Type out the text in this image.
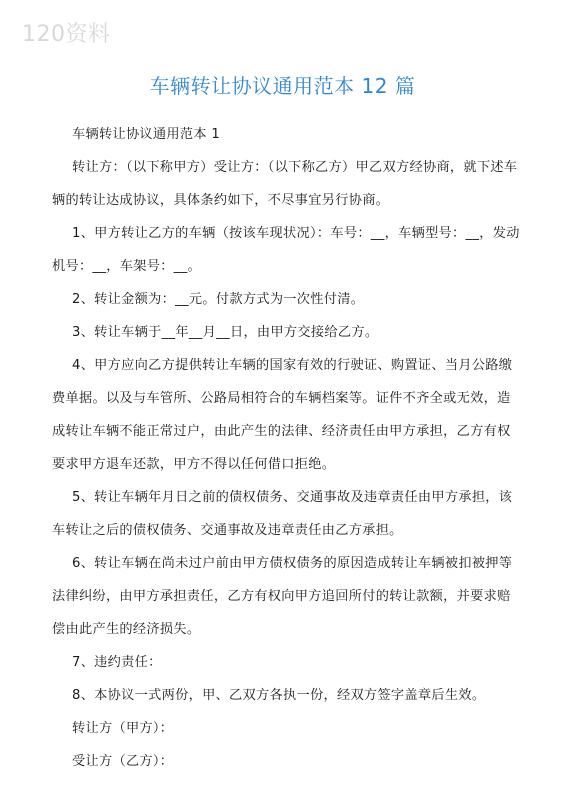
120资料
车辆转让协议通用范本 12 篇

车辆转让协议通用范本 1

转让方：（以下称甲方）受让方：（以下称乙方）甲乙双方经协商，就下述车辆的转让达成协议，具体条约如下，不尽事宜另行协商。

1、甲方转让乙方的车辆（按该车现状况）：车号：__，车辆型号：__，发动机号：__，车架号：__。

2、转让金额为：__元。付款方式为一次性付清。

3、转让车辆于__年__月__日，由甲方交接给乙方。

4、甲方应向乙方提供转让车辆的国家有效的行驶证、购置证、当月公路缴费单据。以及与车管所、公路局相符合的车辆档案等。证件不齐全或无效，造成转让车辆不能正常过户，由此产生的法律、经济责任由甲方承担，乙方有权要求甲方退车还款，甲方不得以任何借口拒绝。

5、转让车辆年月日之前的债权债务、交通事故及违章责任由甲方承担，该车转让之后的债权债务、交通事故及违章责任由乙方承担。

6、转让车辆在尚未过户前由甲方债权债务的原因造成转让车辆被扣被押等法律纠纷，由甲方承担责任，乙方有权向甲方追回所付的转让款额，并要求赔偿由此产生的经济损失。

7、违约责任：

8、本协议一式两份，甲、乙双方各执一份，经双方签字盖章后生效。

转让方（甲方）：

受让方（乙方）：
